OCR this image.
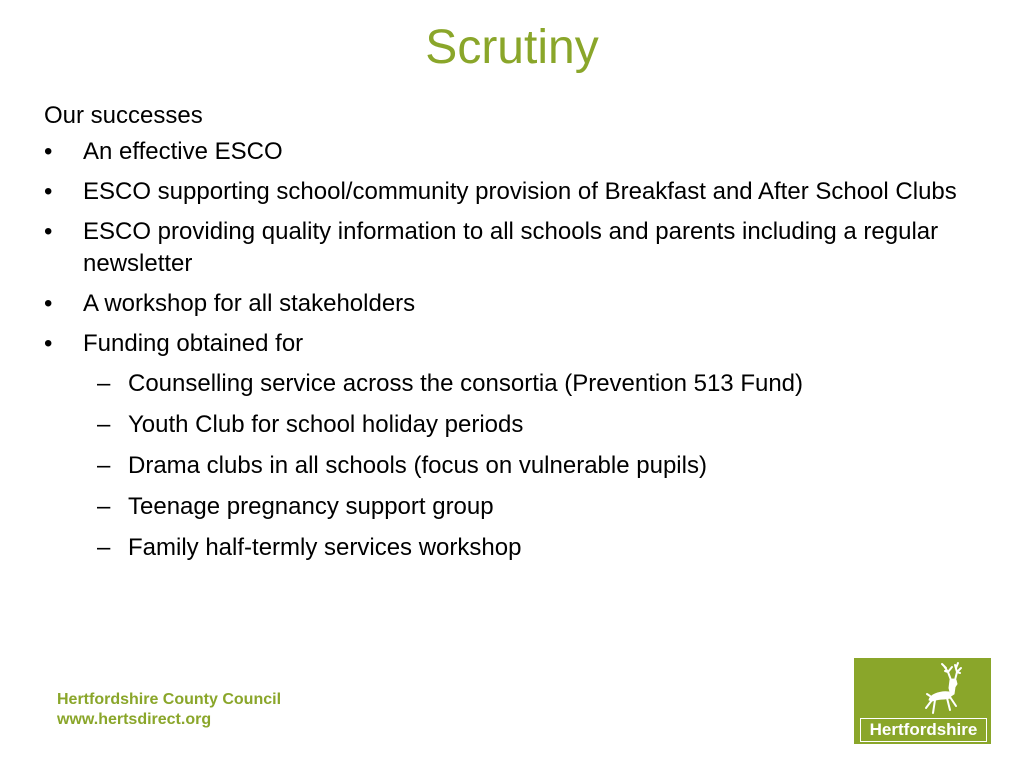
Scrutiny
Our successes
•	An effective ESCO
•	ESCO supporting school/community provision of Breakfast and After School Clubs
•	ESCO providing quality information to all schools and parents including a regular newsletter
•	A workshop for all stakeholders
•	Funding obtained for
– Counselling service across the consortia (Prevention 513 Fund)
– Youth Club for school holiday periods
– Drama clubs in all schools (focus on vulnerable pupils)
– Teenage pregnancy support group
– Family half-termly services workshop
Hertfordshire County Council
www.hertsdirect.org
Hertfordshire
